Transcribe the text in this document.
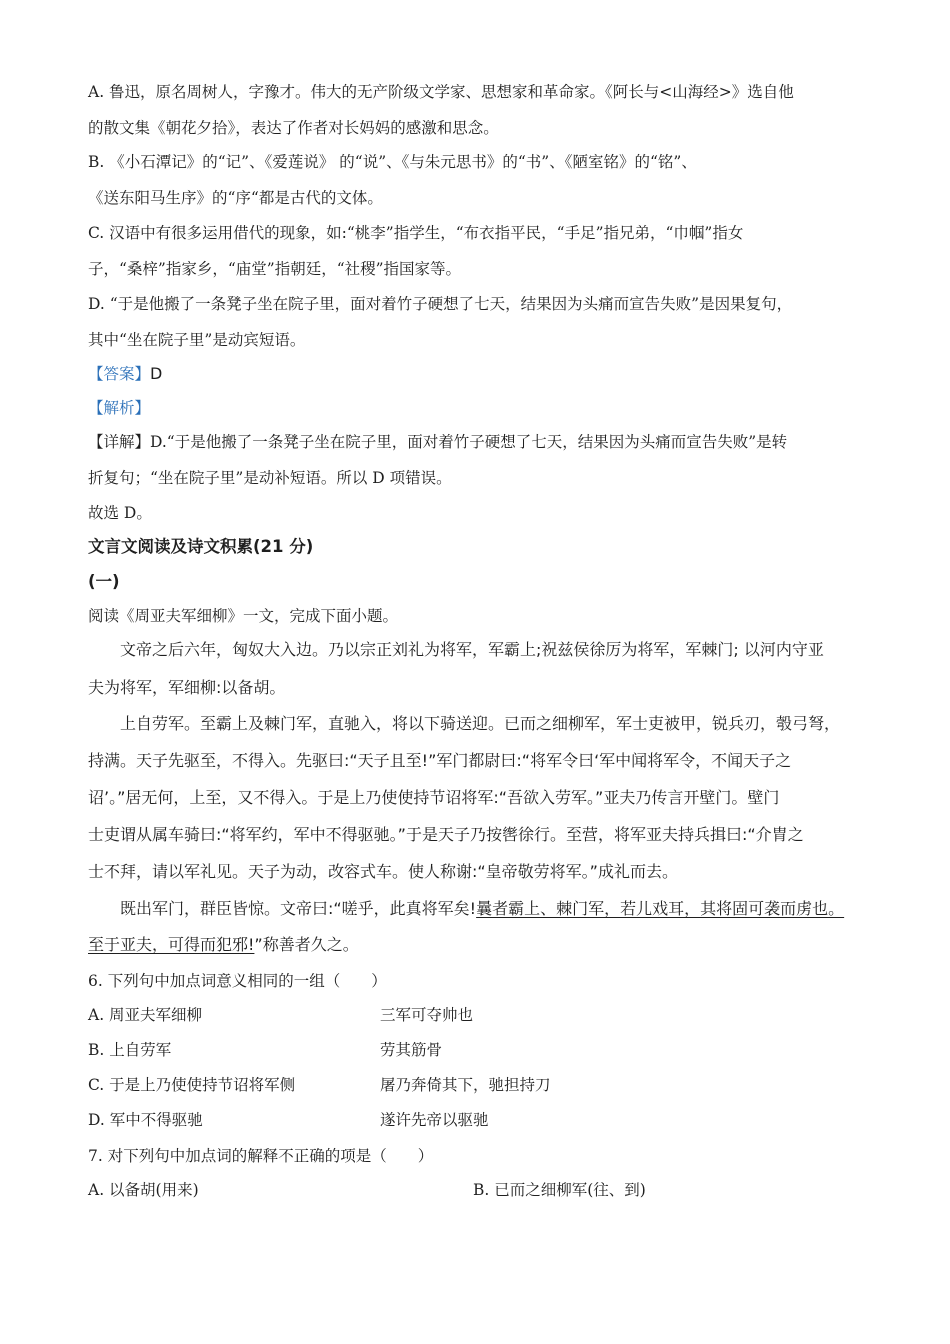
A. 鲁迅，原名周树人，字豫才。伟大的无产阶级文学家、思想家和革命家。《阿长与<山海经>》选自他
的散文集《朝花夕拾》，表达了作者对长妈妈的感激和思念。
B. 《小石潭记》的“记”、《爱莲说》 的“说”、《与朱元思书》的“书”、《陋室铭》的“铭”、
《送东阳马生序》的“序“都是古代的文体。
C. 汉语中有很多运用借代的现象，如:“桃李”指学生，“布衣指平民，“手足”指兄弟，“巾帼”指女
子，“桑梓”指家乡，“庙堂”指朝廷，“社稷”指国家等。
D. “于是他搬了一条凳子坐在院子里，面对着竹子硬想了七天，结果因为头痛而宣告失败”是因果复句，
其中“坐在院子里”是动宾短语。
【答案】D
【解析】
【详解】D.“于是他搬了一条凳子坐在院子里，面对着竹子硬想了七天，结果因为头痛而宣告失败”是转
折复句；“坐在院子里”是动补短语。所以 D 项错误。
故选 D。
文言文阅读及诗文积累(21 分)
(一)
阅读《周亚夫军细柳》一文，完成下面小题。
文帝之后六年，匈奴大入边。乃以宗正刘礼为将军，军霸上;祝兹侯徐厉为将军，军棘门; 以河内守亚
夫为将军，军细柳:以备胡。
上自劳军。至霸上及棘门军，直驰入，将以下骑送迎。已而之细柳军，军士吏被甲，锐兵刃，彀弓弩，
持满。天子先驱至，不得入。先驱曰:“天子且至!”军门都尉曰:“将军令曰‘军中闻将军令，不闻天子之
诏’。”居无何，上至，又不得入。于是上乃使使持节诏将军:“吾欲入劳军。”亚夫乃传言开壁门。壁门
士吏谓从属车骑曰:“将军约，军中不得驱驰。”于是天子乃按辔徐行。至营，将军亚夫持兵揖曰:“介胄之
士不拜，请以军礼见。天子为动，改容式车。使人称谢:“皇帝敬劳将军。”成礼而去。
既出军门，群臣皆惊。文帝曰:“嗟乎，此真将军矣!曩者霸上、棘门军，若儿戏耳，其将固可袭而虏也。
至于亚夫，可得而犯邪!”称善者久之。
6. 下列句中加点词意义相同的一组（　　）
A. 周亚夫军细柳	三军可夺帅也
B. 上自劳军	劳其筋骨
C. 于是上乃使使持节诏将军侧	屠乃奔倚其下，驰担持刀
D. 军中不得驱驰	遂许先帝以驱驰
7. 对下列句中加点词的解释不正确的项是（　　）
A. 以备胡(用来)	B. 已而之细柳军(往、到)
